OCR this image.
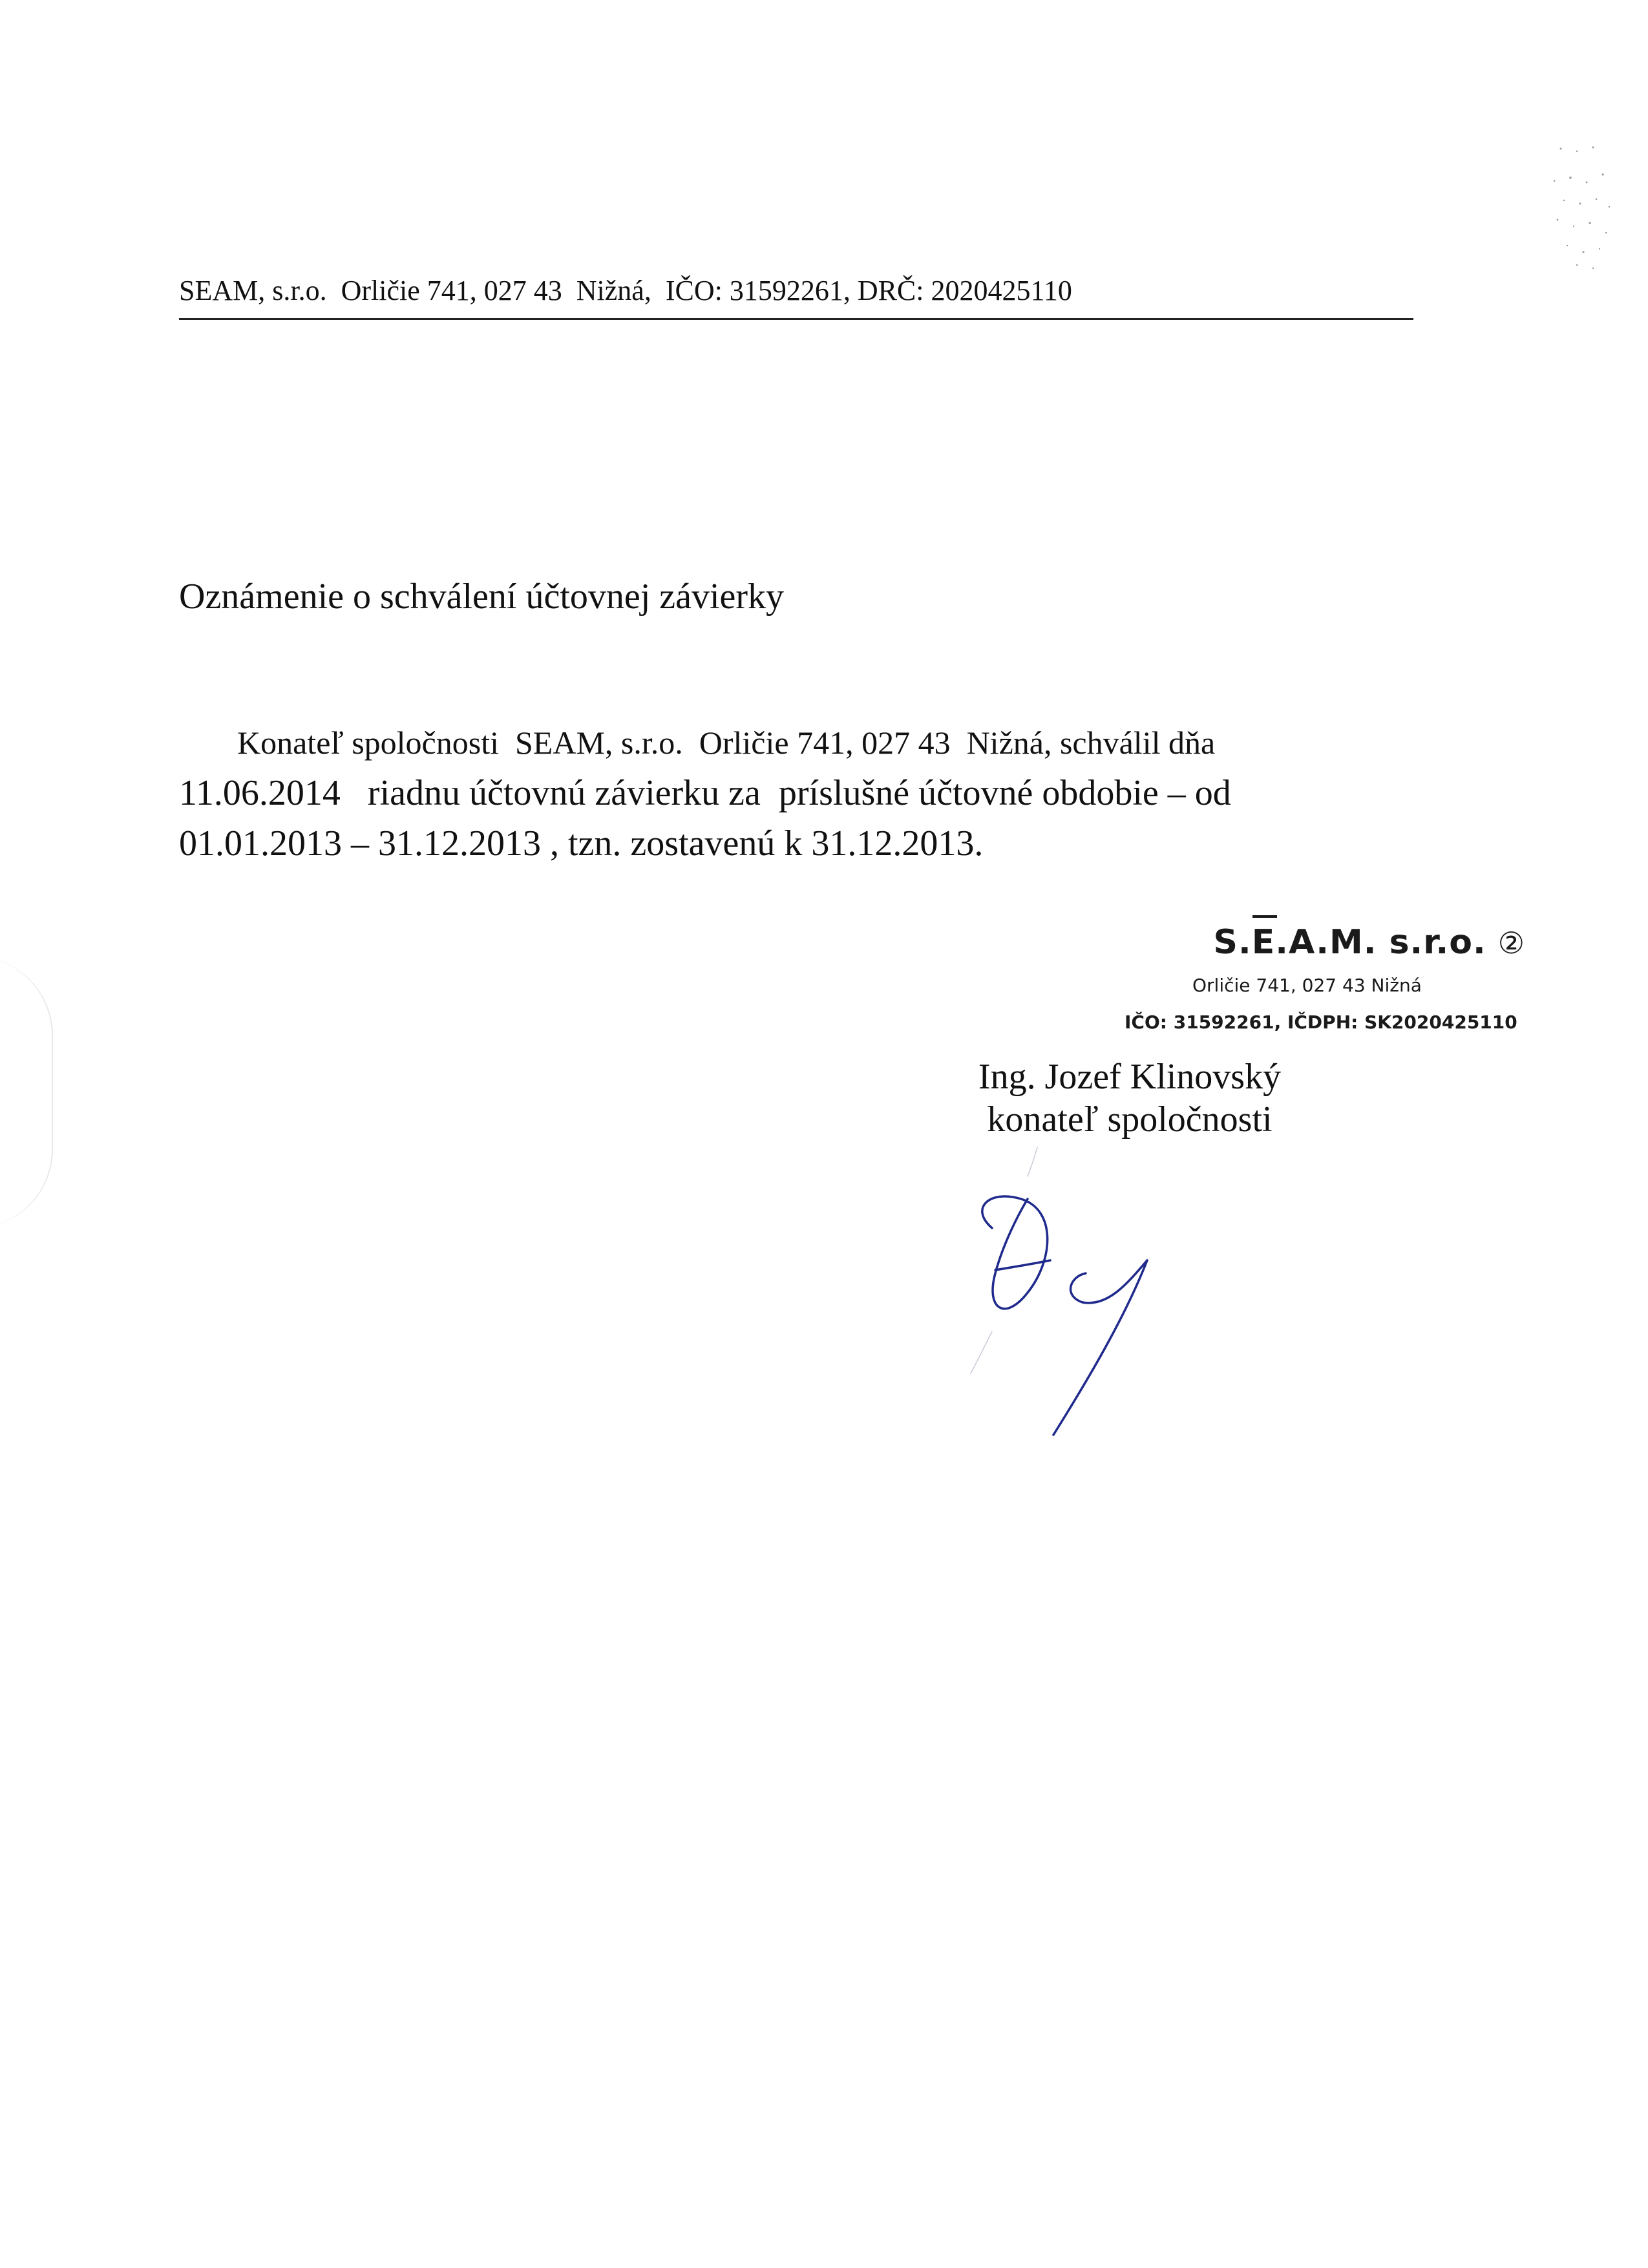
SEAM, s.r.o. Orličie 741, 027 43  Nižná, IČO: 31592261, DRČ: 2020425110
Oznámenie o schválení účtovnej závierky

Konateľ spoločnosti  SEAM, s.r.o.  Orličie 741, 027 43  Nižná, schválil dňa

11.06.2014   riadnu účtovnú závierku za  príslušné účtovné obdobie – od

01.01.2013 – 31.12.2013 , tzn. zostavenú k 31.12.2013.

S.E.A.M. s.r.o. ②
Orličie 741, 027 43 Nižná
IČO: 31592261, IČDPH: SK2020425110
Ing. Jozef Klinovský
konateľ spoločnosti
